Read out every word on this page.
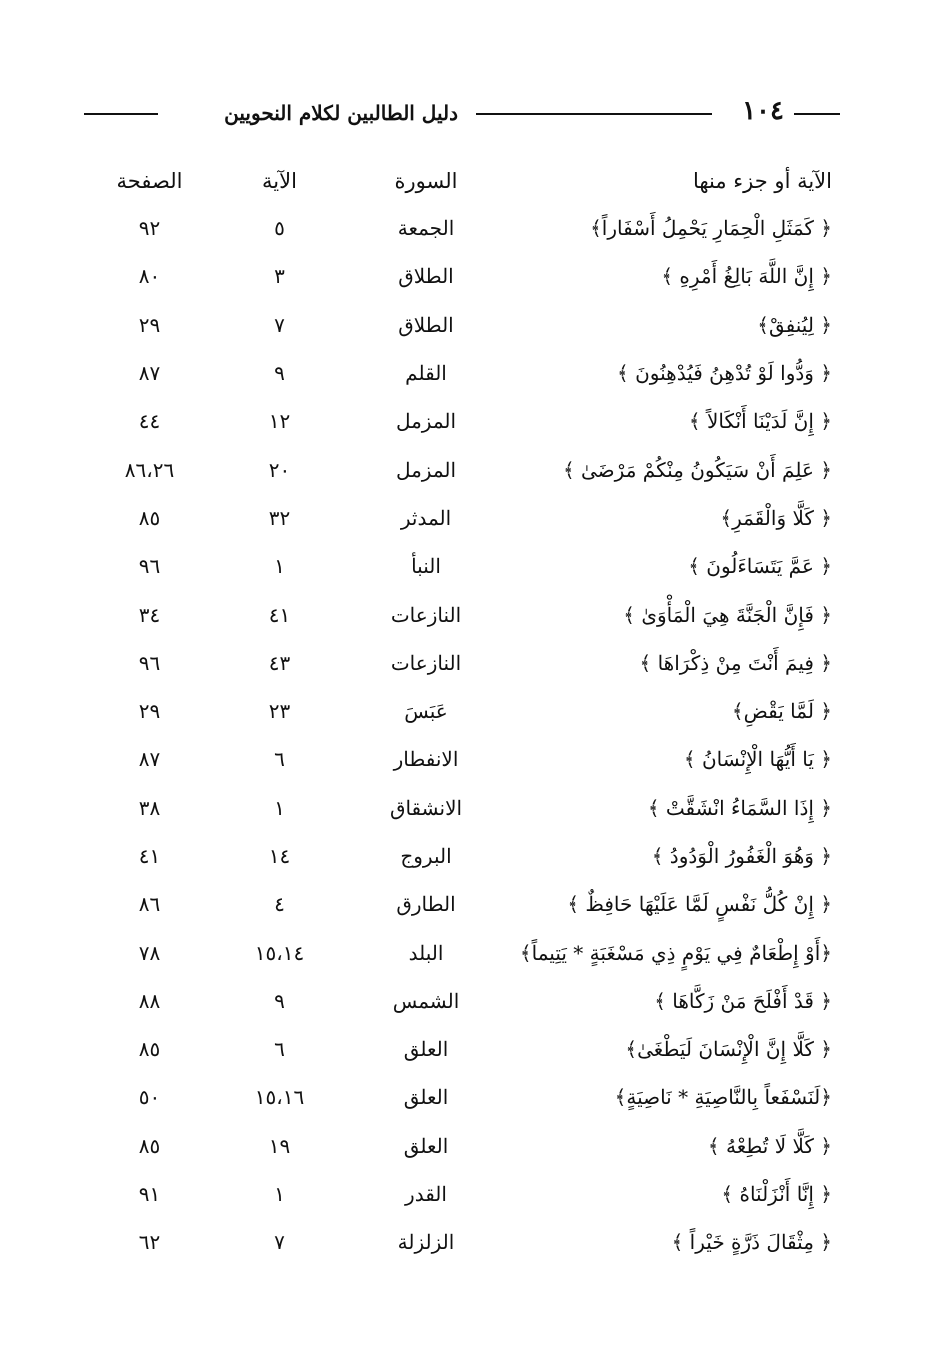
١٠٤
دليل الطالبين لكلام النحويين
الآية أو جزء منها	السورة	الآية	الصفحة
﴿ كَمَثَلِ الْحِمَارِ يَحْمِلُ أَسْفَاراً﴾	الجمعة	٥	٩٢
﴿ إِنَّ اللَّهَ بَالِغُ أَمْرِهِ ﴾	الطلاق	٣	٨٠
﴿ لِيُنفِقْ﴾	الطلاق	٧	٢٩
﴿ وَدُّوا لَوْ تُدْهِنُ فَيُدْهِنُونَ ﴾	القلم	٩	٨٧
﴿ إِنَّ لَدَيْنَا أَنْكَالاً ﴾	المزمل	١٢	٤٤
﴿ عَلِمَ أَنْ سَيَكُونُ مِنْكُمْ مَرْضَىٰ ﴾	المزمل	٢٠	٨٦،٢٦
﴿ كَلَّا وَالْقَمَرِ﴾	المدثر	٣٢	٨٥
﴿ عَمَّ يَتَسَاءَلُونَ ﴾	النبأ	١	٩٦
﴿ فَإِنَّ الْجَنَّةَ هِيَ الْمَأْوَىٰ ﴾	النازعات	٤١	٣٤
﴿ فِيمَ أَنْتَ مِنْ ذِكْرَاهَا ﴾	النازعات	٤٣	٩٦
﴿ لَمَّا يَقْضِ﴾	عَبَسَ	٢٣	٢٩
﴿ يَا أَيُّهَا الْإِنْسَانُ ﴾	الانفطار	٦	٨٧
﴿ إِذَا السَّمَاءُ انْشَقَّتْ ﴾	الانشقاق	١	٣٨
﴿ وَهُوَ الْغَفُورُ الْوَدُودُ ﴾	البروج	١٤	٤١
﴿ إِنْ كُلُّ نَفْسٍ لَمَّا عَلَيْهَا حَافِظٌ ﴾	الطارق	٤	٨٦
﴿أَوْ إِطْعَامٌ فِي يَوْمٍ ذِي مَسْغَبَةٍ * يَتِيماً﴾	البلد	١٥،١٤	٧٨
﴿ قَدْ أَفْلَحَ مَنْ زَكَّاهَا ﴾	الشمس	٩	٨٨
﴿ كَلَّا إِنَّ الْإِنْسَانَ لَيَطْغَىٰ﴾	العلق	٦	٨٥
﴿لَنَسْفَعاً بِالنَّاصِيَةِ * نَاصِيَةٍ﴾	العلق	١٥،١٦	٥٠
﴿ كَلَّا لَا تُطِعْهُ ﴾	العلق	١٩	٨٥
﴿ إِنَّا أَنْزَلْنَاهُ ﴾	القدر	١	٩١
﴿ مِثْقَالَ ذَرَّةٍ خَيْراً ﴾	الزلزلة	٧	٦٢
